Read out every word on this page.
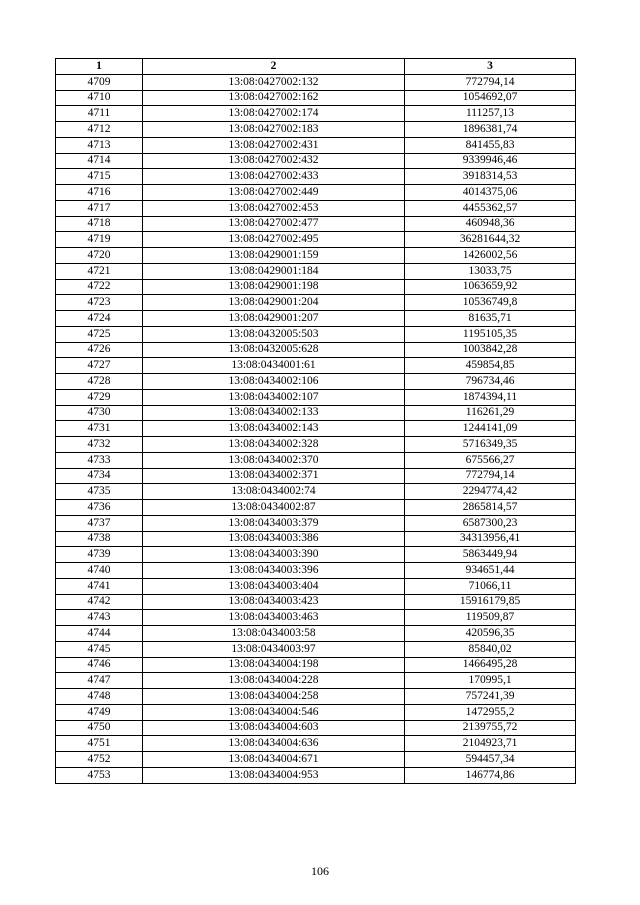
1	2	3
4709	13:08:0427002:132	772794,14
4710	13:08:0427002:162	1054692,07
4711	13:08:0427002:174	111257,13
4712	13:08:0427002:183	1896381,74
4713	13:08:0427002:431	841455,83
4714	13:08:0427002:432	9339946,46
4715	13:08:0427002:433	3918314,53
4716	13:08:0427002:449	4014375,06
4717	13:08:0427002:453	4455362,57
4718	13:08:0427002:477	460948,36
4719	13:08:0427002:495	36281644,32
4720	13:08:0429001:159	1426002,56
4721	13:08:0429001:184	13033,75
4722	13:08:0429001:198	1063659,92
4723	13:08:0429001:204	10536749,8
4724	13:08:0429001:207	81635,71
4725	13:08:0432005:503	1195105,35
4726	13:08:0432005:628	1003842,28
4727	13:08:0434001:61	459854,85
4728	13:08:0434002:106	796734,46
4729	13:08:0434002:107	1874394,11
4730	13:08:0434002:133	116261,29
4731	13:08:0434002:143	1244141,09
4732	13:08:0434002:328	5716349,35
4733	13:08:0434002:370	675566,27
4734	13:08:0434002:371	772794,14
4735	13:08:0434002:74	2294774,42
4736	13:08:0434002:87	2865814,57
4737	13:08:0434003:379	6587300,23
4738	13:08:0434003:386	34313956,41
4739	13:08:0434003:390	5863449,94
4740	13:08:0434003:396	934651,44
4741	13:08:0434003:404	71066,11
4742	13:08:0434003:423	15916179,85
4743	13:08:0434003:463	119509,87
4744	13:08:0434003:58	420596,35
4745	13:08:0434003:97	85840,02
4746	13:08:0434004:198	1466495,28
4747	13:08:0434004:228	170995,1
4748	13:08:0434004:258	757241,39
4749	13:08:0434004:546	1472955,2
4750	13:08:0434004:603	2139755,72
4751	13:08:0434004:636	2104923,71
4752	13:08:0434004:671	594457,34
4753	13:08:0434004:953	146774,86
106
